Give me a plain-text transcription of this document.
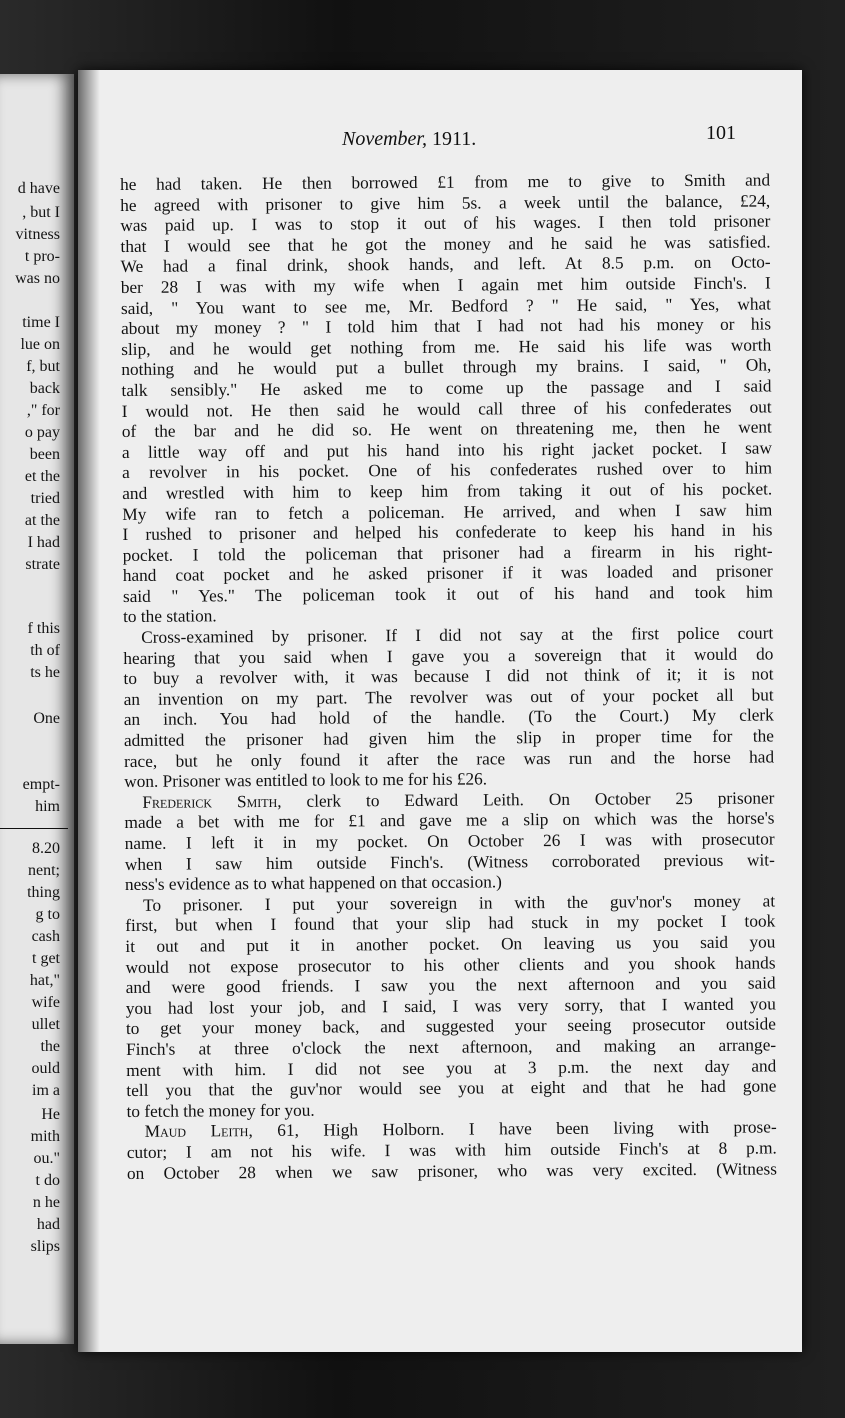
d have
, but I
vitness
t pro-
was no
time I
lue on
f, but
back
," for
o pay
been
et the
tried
at the
I had
strate
f this
th of
ts he
One
empt-
him
8.20
nent;
thing
g to
cash
t get
hat,"
wife
ullet
the
ould
im a
He
mith
ou."
t do
n he
had
slips
November, 1911.	101
he had taken. He then borrowed £1 from me to give to Smith and
he agreed with prisoner to give him 5s. a week until the balance, £24,
was paid up. I was to stop it out of his wages. I then told prisoner
that I would see that he got the money and he said he was satisfied.
We had a final drink, shook hands, and left. At 8.5 p.m. on Octo-
ber 28 I was with my wife when I again met him outside Finch's. I
said, " You want to see me, Mr. Bedford ? " He said, " Yes, what
about my money ? " I told him that I had not had his money or his
slip, and he would get nothing from me. He said his life was worth
nothing and he would put a bullet through my brains. I said, " Oh,
talk sensibly." He asked me to come up the passage and I said
I would not. He then said he would call three of his confederates out
of the bar and he did so. He went on threatening me, then he went
a little way off and put his hand into his right jacket pocket. I saw
a revolver in his pocket. One of his confederates rushed over to him
and wrestled with him to keep him from taking it out of his pocket.
My wife ran to fetch a policeman. He arrived, and when I saw him
I rushed to prisoner and helped his confederate to keep his hand in his
pocket. I told the policeman that prisoner had a firearm in his right-
hand coat pocket and he asked prisoner if it was loaded and prisoner
said " Yes." The policeman took it out of his hand and took him
to the station.
Cross-examined by prisoner. If I did not say at the first police court
hearing that you said when I gave you a sovereign that it would do
to buy a revolver with, it was because I did not think of it; it is not
an invention on my part. The revolver was out of your pocket all but
an inch. You had hold of the handle. (To the Court.) My clerk
admitted the prisoner had given him the slip in proper time for the
race, but he only found it after the race was run and the horse had
won. Prisoner was entitled to look to me for his £26.
Frederick Smith, clerk to Edward Leith. On October 25 prisoner
made a bet with me for £1 and gave me a slip on which was the horse's
name. I left it in my pocket. On October 26 I was with prosecutor
when I saw him outside Finch's. (Witness corroborated previous wit-
ness's evidence as to what happened on that occasion.)
To prisoner. I put your sovereign in with the guv'nor's money at
first, but when I found that your slip had stuck in my pocket I took
it out and put it in another pocket. On leaving us you said you
would not expose prosecutor to his other clients and you shook hands
and were good friends. I saw you the next afternoon and you said
you had lost your job, and I said, I was very sorry, that I wanted you
to get your money back, and suggested your seeing prosecutor outside
Finch's at three o'clock the next afternoon, and making an arrange-
ment with him. I did not see you at 3 p.m. the next day and
tell you that the guv'nor would see you at eight and that he had gone
to fetch the money for you.
Maud Leith, 61, High Holborn. I have been living with prose-
cutor; I am not his wife. I was with him outside Finch's at 8 p.m.
on October 28 when we saw prisoner, who was very excited. (Witness
